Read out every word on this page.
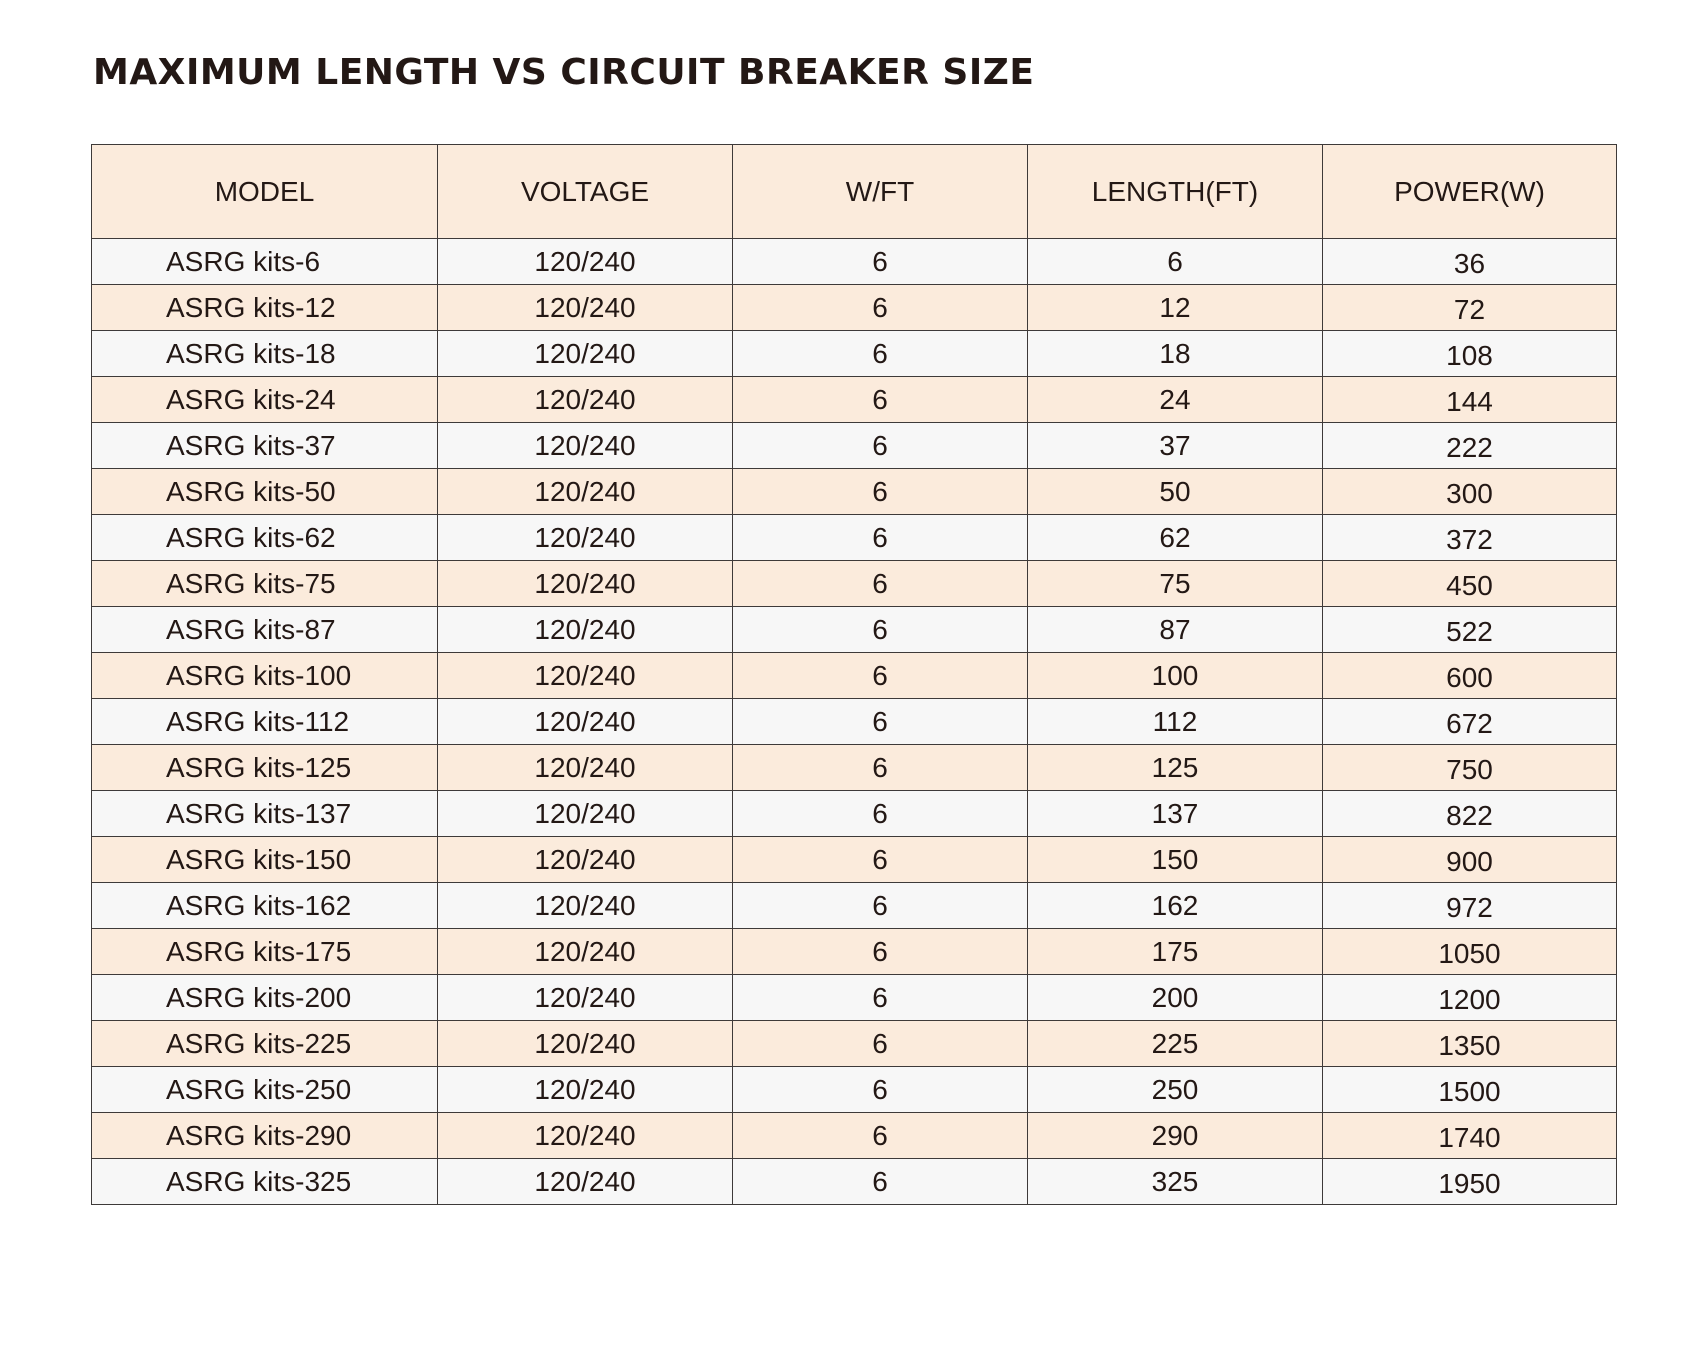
MAXIMUM LENGTH VS CIRCUIT BREAKER SIZE
MODEL	VOLTAGE	W/FT	LENGTH(FT)	POWER(W)
ASRG kits-6	120/240	6	6	36
ASRG kits-12	120/240	6	12	72
ASRG kits-18	120/240	6	18	108
ASRG kits-24	120/240	6	24	144
ASRG kits-37	120/240	6	37	222
ASRG kits-50	120/240	6	50	300
ASRG kits-62	120/240	6	62	372
ASRG kits-75	120/240	6	75	450
ASRG kits-87	120/240	6	87	522
ASRG kits-100	120/240	6	100	600
ASRG kits-112	120/240	6	112	672
ASRG kits-125	120/240	6	125	750
ASRG kits-137	120/240	6	137	822
ASRG kits-150	120/240	6	150	900
ASRG kits-162	120/240	6	162	972
ASRG kits-175	120/240	6	175	1050
ASRG kits-200	120/240	6	200	1200
ASRG kits-225	120/240	6	225	1350
ASRG kits-250	120/240	6	250	1500
ASRG kits-290	120/240	6	290	1740
ASRG kits-325	120/240	6	325	1950
